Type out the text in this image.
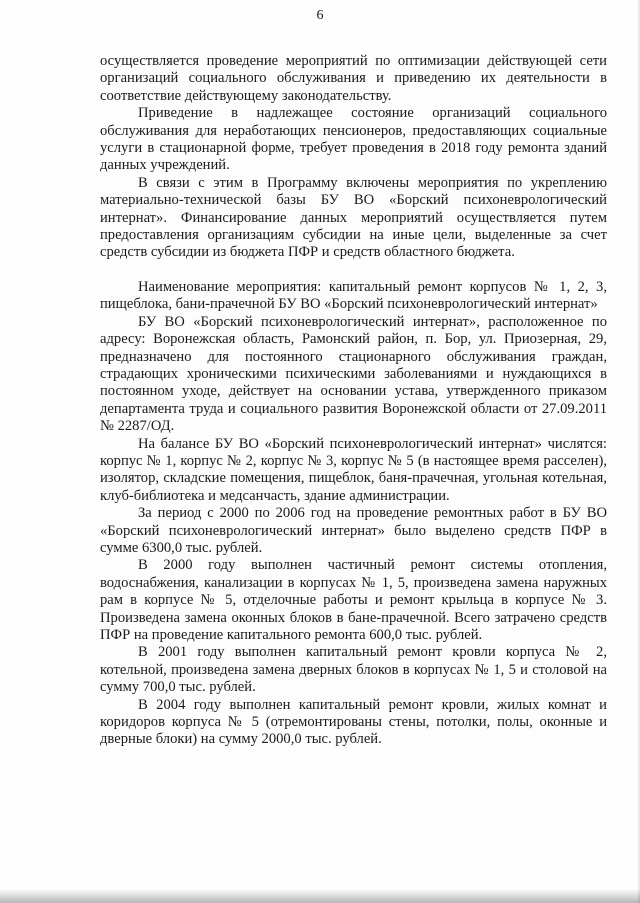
6

осуществляется проведение мероприятий по оптимизации действующей сети организаций социального обслуживания и приведению их деятельности в соответствие действующему законодательству.

Приведение в надлежащее состояние организаций социального обслуживания для неработающих пенсионеров, предоставляющих социальные услуги в стационарной форме, требует проведения в 2018 году ремонта зданий данных учреждений.

В связи с этим в Программу включены мероприятия по укреплению материально-технической базы БУ ВО «Борский психоневрологический интернат». Финансирование данных мероприятий осуществляется путем предоставления организациям субсидии на иные цели, выделенные за счет средств субсидии из бюджета ПФР и средств областного бюджета.

Наименование мероприятия: капитальный ремонт корпусов № 1, 2, 3, пищеблока, бани-прачечной БУ ВО «Борский психоневрологический интернат»

БУ ВО «Борский психоневрологический интернат», расположенное по адресу: Воронежская область, Рамонский район, п. Бор, ул. Приозерная, 29, предназначено для постоянного стационарного обслуживания граждан, страдающих хроническими психическими заболеваниями и нуждающихся в постоянном уходе, действует на основании устава, утвержденного приказом департамента труда и социального развития Воронежской области от 27.09.2011 № 2287/ОД.

На балансе БУ ВО «Борский психоневрологический интернат» числятся: корпус № 1, корпус № 2, корпус № 3, корпус № 5 (в настоящее время расселен), изолятор, складские помещения, пищеблок, баня-прачечная, угольная котельная, клуб-библиотека и медсанчасть, здание администрации.

За период с 2000 по 2006 год на проведение ремонтных работ в БУ ВО «Борский психоневрологический интернат» было выделено средств ПФР в сумме 6300,0 тыс. рублей.

В 2000 году выполнен частичный ремонт системы отопления, водоснабжения, канализации в корпусах № 1, 5, произведена замена наружных рам в корпусе № 5, отделочные работы и ремонт крыльца в корпусе № 3. Произведена замена оконных блоков в бане-прачечной. Всего затрачено средств ПФР на проведение капитального ремонта 600,0 тыс. рублей.

В 2001 году выполнен капитальный ремонт кровли корпуса № 2, котельной, произведена замена дверных блоков в корпусах № 1, 5 и столовой на сумму 700,0 тыс. рублей.

В 2004 году выполнен капитальный ремонт кровли, жилых комнат и коридоров корпуса № 5 (отремонтированы стены, потолки, полы, оконные и дверные блоки) на сумму 2000,0 тыс. рублей.
